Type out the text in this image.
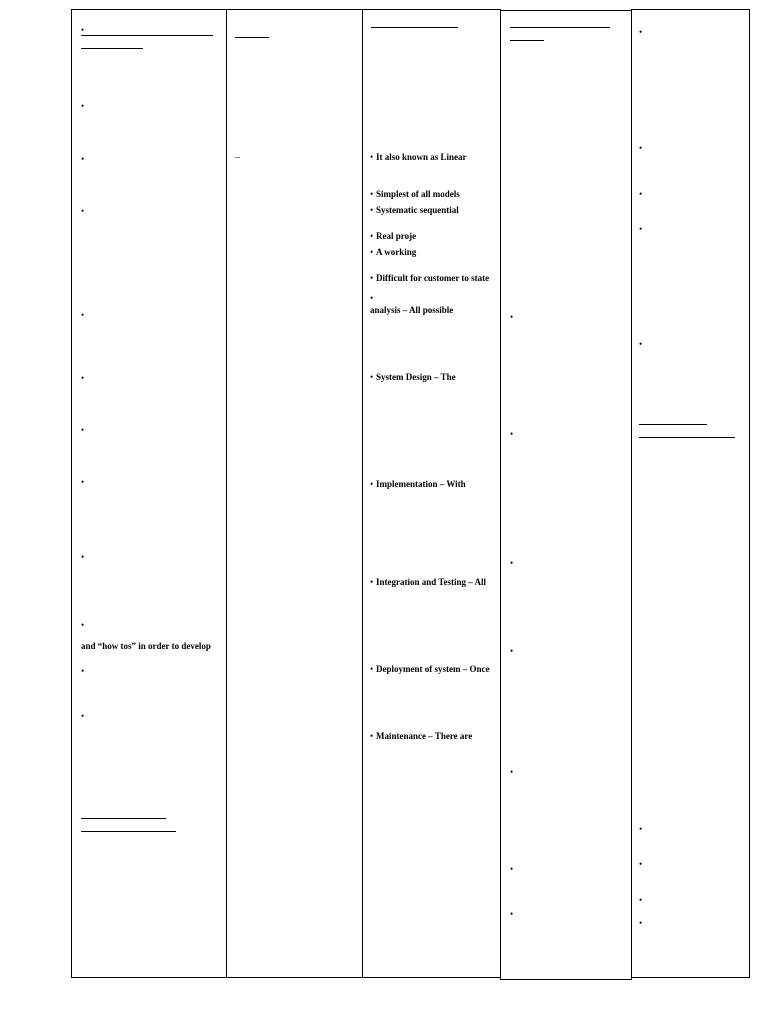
•
•
•
•
•
•
•
•
•
•
and “how tos” in order to develop
•
•
–	• It also known as Linear
• Simplest of all models
• Systematic sequential
• Real proje
• A working
• Difficult for customer to state
•
analysis – All possible
• System Design – The
• Implementation – With
• Integration and Testing – All
• Deployment of system – Once
• Maintenance – There are
•
•
•
•
•
•
•
•
•
•
•
•
•
•
•
•
